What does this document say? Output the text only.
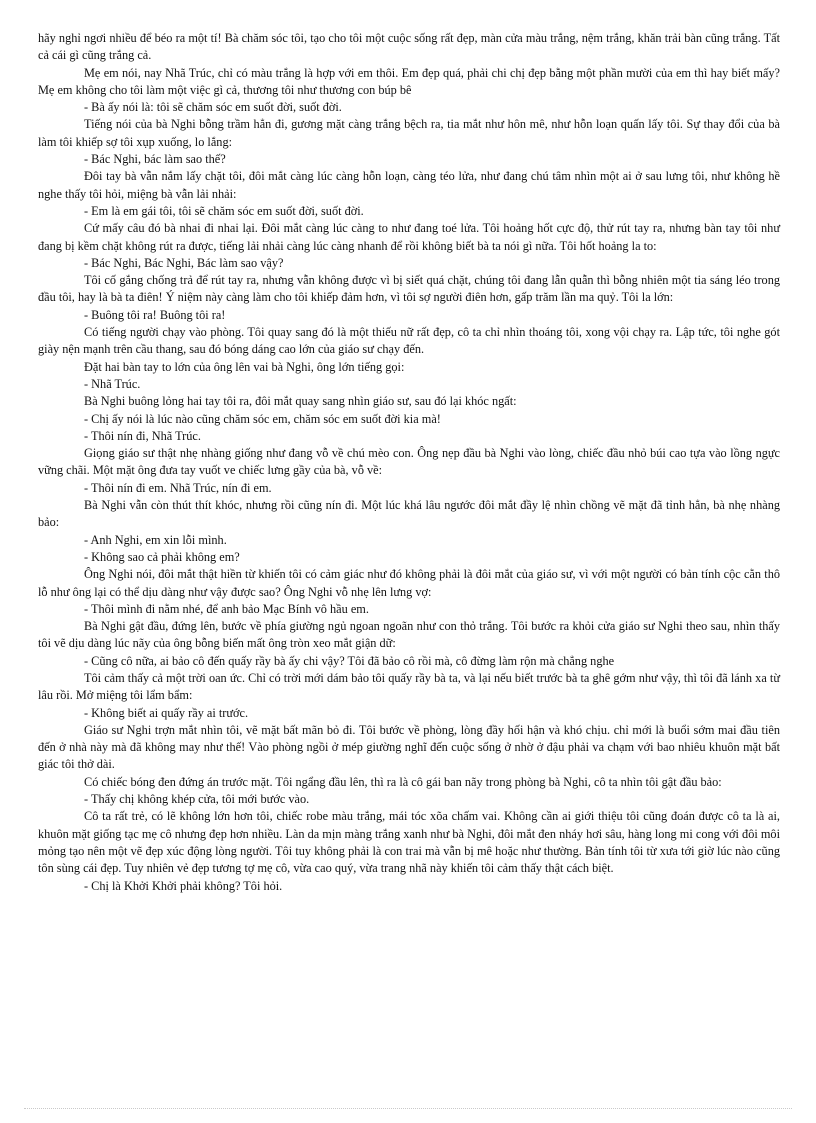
hãy nghỉ ngơi nhiều để béo ra một tí! Bà chăm sóc tôi, tạo cho tôi một cuộc sống rất đẹp, màn cửa màu trắng, nệm trắng, khăn trải bàn cũng trắng. Tất cả cái gì cũng trắng cả.

Mẹ em nói, nay Nhã Trúc, chỉ có màu trắng là hợp với em thôi. Em đẹp quá, phải chi chị đẹp bằng một phần mười của em thì hay biết mấy? Mẹ em không cho tôi làm một việc gì cả, thương tôi như thương con búp bê

- Bà ấy nói là: tôi sẽ chăm sóc em suốt đời, suốt đời.

Tiếng nói của bà Nghi bỗng trầm hẳn đi, gương mặt càng trắng bệch ra, tia mắt như hôn mê, như hỗn loạn quấn lấy tôi. Sự thay đổi của bà làm tôi khiếp sợ tôi xụp xuống, lo lắng:

- Bác Nghi, bác làm sao thế?

Đôi tay bà vẫn nắm lấy chặt tôi, đôi mắt càng lúc càng hỗn loạn, càng téo lửa, như đang chú tâm nhìn một ai ở sau lưng tôi, như không hề nghe thấy tôi hỏi, miệng bà vẫn lải nhải:

- Em là em gái tôi, tôi sẽ chăm sóc em suốt đời, suốt đời.

Cứ mấy câu đó bà nhai đi nhai lại. Đôi mắt càng lúc càng to như đang toé lửa. Tôi hoảng hốt cực độ, thử rút tay ra, nhưng bàn tay tôi như đang bị kềm chặt không rút ra được, tiếng lải nhải càng lúc càng nhanh để rồi không biết bà ta nói gì nữa. Tôi hốt hoảng la to:

- Bác Nghi, Bác Nghi, Bác làm sao vậy?

Tôi cố gắng chống trả để rút tay ra, nhưng vẫn không được vì bị siết quá chặt, chúng tôi đang lẫn quẫn thì bỗng nhiên một tia sáng léo trong đầu tôi, hay là bà ta điên! Ý niệm này càng làm cho tôi khiếp đảm hơn, vì tôi sợ người điên hơn, gấp trăm lần ma quỷ. Tôi la lớn:

- Buông tôi ra! Buông tôi ra!

Có tiếng người chạy vào phòng. Tôi quay sang đó là một thiếu nữ rất đẹp, cô ta chỉ nhìn thoáng tôi, xong vội chạy ra. Lập tức, tôi nghe gót giày nện mạnh trên cầu thang, sau đó bóng dáng cao lớn của giáo sư chạy đến.

Đặt hai bàn tay to lớn của ông lên vai bà Nghi, ông lớn tiếng gọi:

- Nhã Trúc.

Bà Nghi buông lỏng hai tay tôi ra, đôi mắt quay sang nhìn giáo sư, sau đó lại khóc ngất:

- Chị ấy nói là lúc nào cũng chăm sóc em, chăm sóc em suốt đời kia mà!

- Thôi nín đi, Nhã Trúc.

Giọng giáo sư thật nhẹ nhàng giống như đang vỗ về chú mèo con. Ông nẹp đầu bà Nghi vào lòng, chiếc đầu nhỏ búi cao tựa vào lồng ngực vững chãi. Một mặt ông đưa tay vuốt ve chiếc lưng gầy của bà, vỗ về:

- Thôi nín đi em. Nhã Trúc, nín đi em.

Bà Nghi vẫn còn thút thít khóc, nhưng rồi cũng nín đi. Một lúc khá lâu ngước đôi mắt đầy lệ nhìn chồng vẽ mặt đã tỉnh hẳn, bà nhẹ nhàng bảo:

- Anh Nghi, em xin lỗi mình.

- Không sao cả phải không em?

Ông Nghi nói, đôi mắt thật hiền từ khiến tôi có cảm giác như đó không phải là đôi mắt của giáo sư, vì với một người có bản tính cộc cằn thô lỗ như ông lại có thể dịu dàng như vậy được sao? Ông Nghi vỗ nhẹ lên lưng vợ:

- Thôi mình đi nằm nhé, để anh bảo Mạc Bính vô hầu em.

Bà Nghi gật đầu, đứng lên, bước về phía giường ngủ ngoan ngoãn như con thỏ trắng. Tôi bước ra khỏi cửa giáo sư Nghi theo sau, nhìn thấy tôi vẽ dịu dàng lúc nãy của ông bỗng biến mất ông tròn xeo mắt giận dữ:

- Cũng cô nữa, ai bảo cô đến quấy rầy bà ấy chi vậy? Tôi đã bảo cô rồi mà, cô đừng làm rộn mà chẳng nghe

Tôi cảm thấy cả một trời oan ức. Chỉ có trời mới dám bảo tôi quấy rầy bà ta, và lại nếu biết trước bà ta ghê gớm như vậy, thì tôi đã lánh xa từ lâu rồi. Mở miệng tôi lẩm bẩm:

- Không biết ai quấy rầy ai trước.

Giáo sư Nghi trợn mắt nhìn tôi, vẽ mặt bất mãn bỏ đi. Tôi bước về phòng, lòng đầy hối hận và khó chịu. chỉ mới là buổi sớm mai đầu tiên đến ở nhà này mà đã không may như thế! Vào phòng ngồi ở mép giường nghĩ đến cuộc sống ở nhờ ở đậu phải va chạm với bao nhiêu khuôn mặt bất giác tôi thở dài.

Có chiếc bóng đen đứng án trước mặt. Tôi ngẩng đầu lên, thì ra là cô gái ban nãy trong phòng bà Nghi, cô ta nhìn tôi gật đầu bảo:

- Thấy chị không khép cửa, tôi mới bước vào.

Cô ta rất trẻ, có lẽ không lớn hơn tôi, chiếc robe màu trắng, mái tóc xõa chấm vai. Không cần ai giới thiệu tôi cũng đoán được cô ta là ai, khuôn mặt giống tạc mẹ cô nhưng đẹp hơn nhiều. Làn da mịn màng trắng xanh như bà Nghi, đôi mắt đen nháy hơi sâu, hàng long mi cong với đôi môi mỏng tạo nên một vẽ đẹp xúc động lòng người. Tôi tuy không phải là con trai mà vẫn bị mê hoặc như thường. Bản tính tôi từ xưa tới giờ lúc nào cũng tôn sùng cái đẹp. Tuy nhiên vẻ đẹp tương tợ mẹ cô, vừa cao quý, vừa trang nhã này khiến tôi cảm thấy thật cách biệt.

- Chị là Khởi Khởi phải không? Tôi hỏi.
